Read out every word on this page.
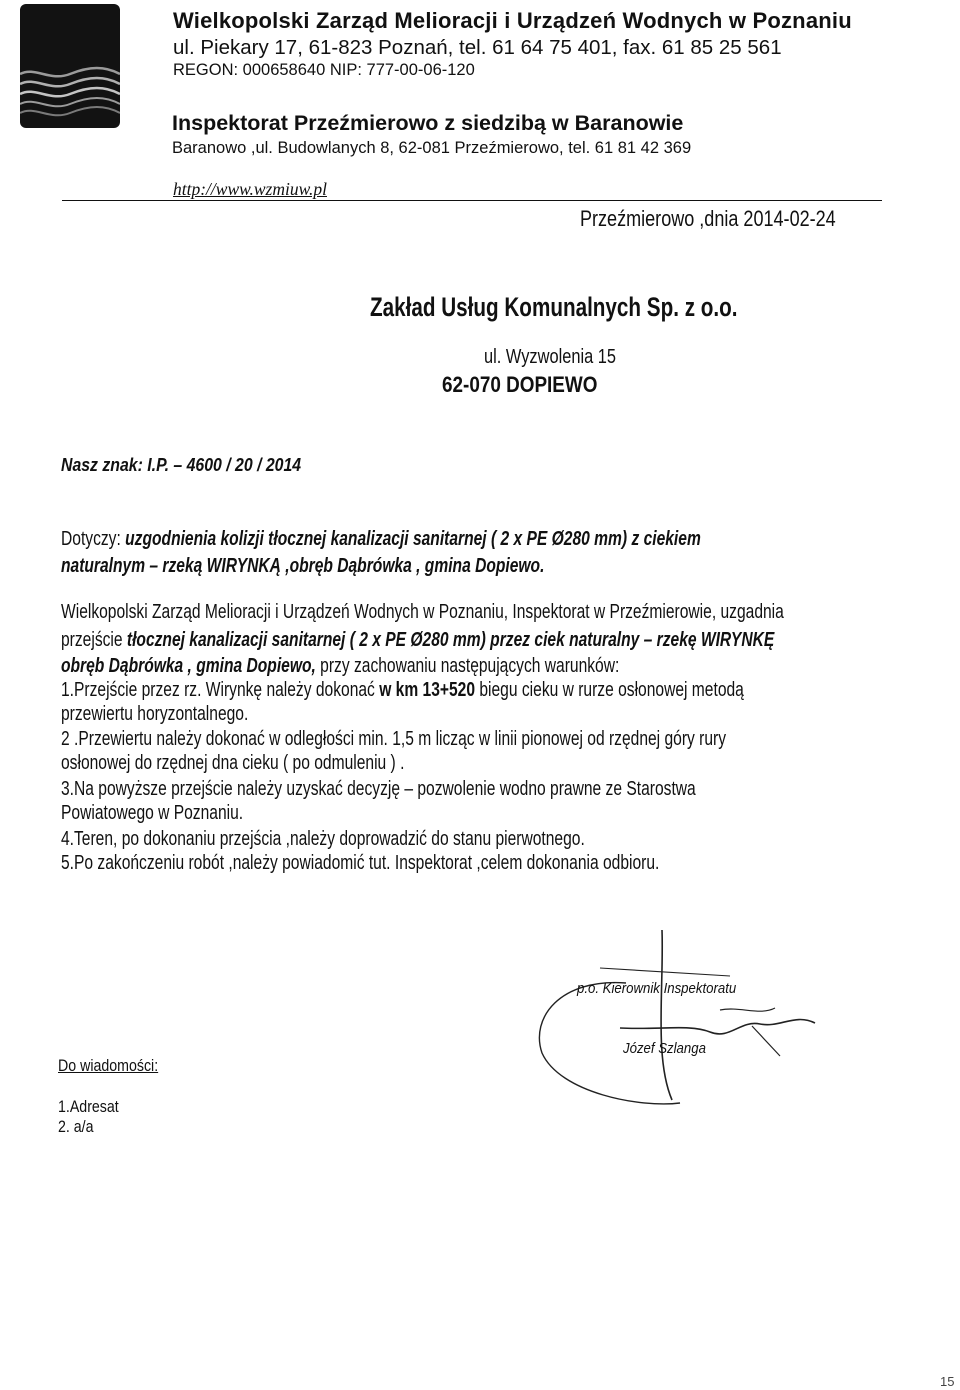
Wielkopolski Zarząd Melioracji i Urządzeń Wodnych w Poznaniu
ul. Piekary 17, 61-823 Poznań, tel. 61 64 75 401, fax. 61 85 25 561
REGON: 000658640 NIP: 777-00-06-120
Inspektorat Przeźmierowo z siedzibą w Baranowie
Baranowo ,ul. Budowlanych 8, 62-081 Przeźmierowo, tel. 61 81 42 369
http://www.wzmiuw.pl
Przeźmierowo ,dnia 2014-02-24
Zakład Usług Komunalnych Sp. z o.o.
ul. Wyzwolenia 15
62-070 DOPIEWO
Nasz znak: I.P. – 4600 / 20 / 2014
Dotyczy: uzgodnienia kolizji tłocznej kanalizacji sanitarnej ( 2 x PE Ø280 mm) z ciekiem
naturalnym – rzeką WIRYNKĄ ,obręb Dąbrówka , gmina Dopiewo.
Wielkopolski Zarząd Melioracji i Urządzeń Wodnych w Poznaniu, Inspektorat w Przeźmierowie, uzgadnia
przejście tłocznej kanalizacji sanitarnej ( 2 x PE Ø280 mm) przez ciek naturalny – rzekę WIRYNKĘ
obręb Dąbrówka , gmina Dopiewo, przy zachowaniu następujących warunków:
1.Przejście przez rz. Wirynkę należy dokonać w km 13+520 biegu cieku w rurze osłonowej metodą
przewiertu horyzontalnego.
2 .Przewiertu należy dokonać w odległości min. 1,5 m licząc w linii pionowej od rzędnej góry rury
osłonowej do rzędnej dna cieku ( po odmuleniu ) .
3.Na powyższe przejście należy uzyskać decyzję – pozwolenie wodno prawne ze Starostwa
Powiatowego w Poznaniu.
4.Teren, po dokonaniu przejścia ,należy doprowadzić do stanu pierwotnego.
5.Po zakończeniu robót ,należy powiadomić tut. Inspektorat ,celem dokonania odbioru.
p.o. Kierownik Inspektoratu
Józef Szlanga
Do wiadomości:
1.Adresat
2. a/a
15
